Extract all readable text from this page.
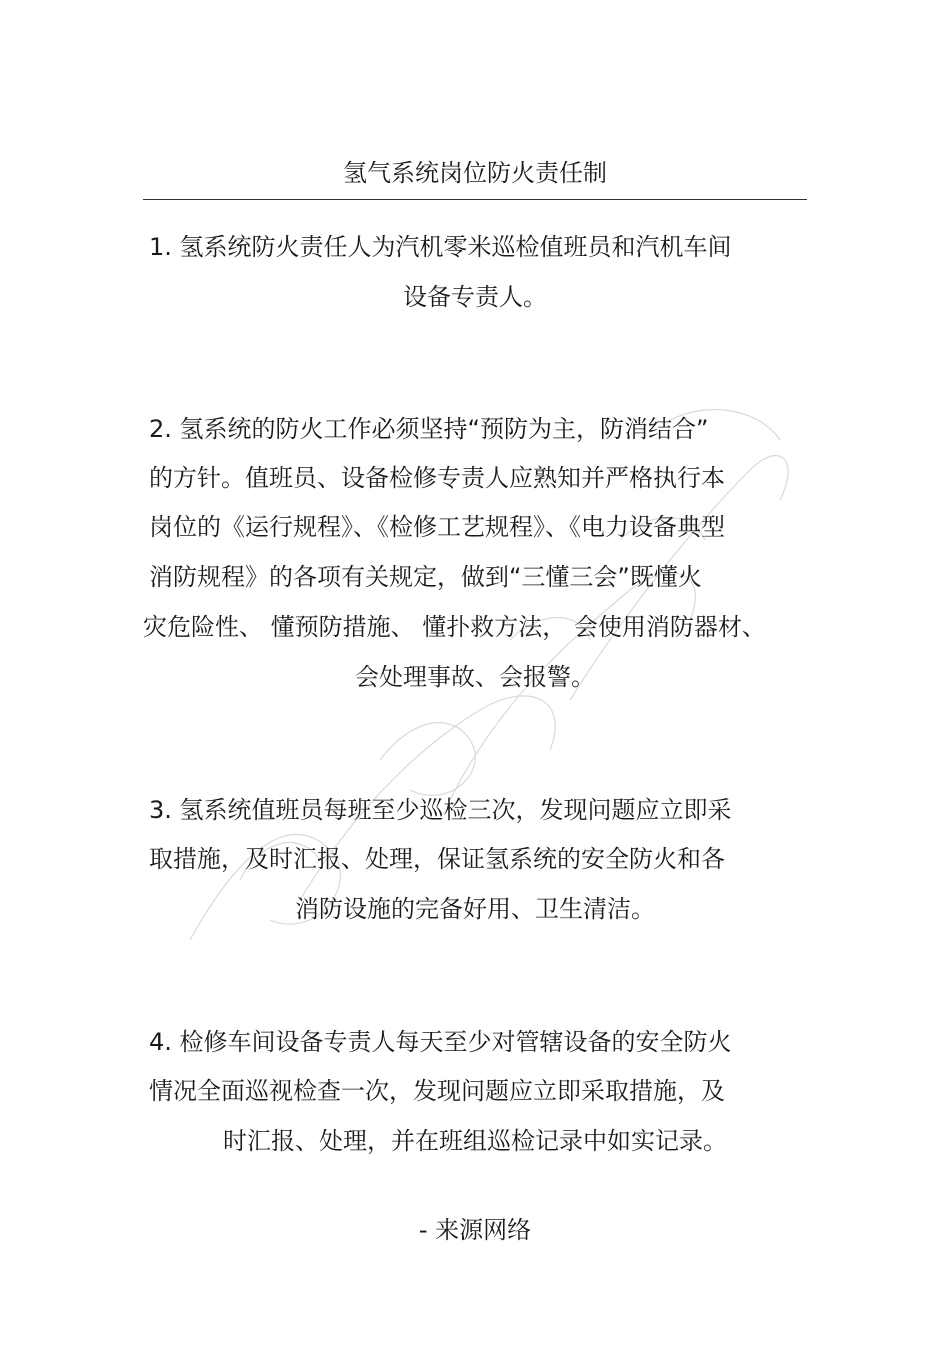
氢气系统岗位防火责任制
1. 氢系统防火责任人为汽机零米巡检值班员和汽机车间
设备专责人。
2. 氢系统的防火工作必须坚持“预防为主，防消结合”
的方针。值班员、设备检修专责人应熟知并严格执行本
岗位的《运行规程》、《检修工艺规程》、《电力设备典型
消防规程》的各项有关规定，做到“三懂三会”既懂火
灾危险性、 懂预防措施、 懂扑救方法， 会使用消防器材、
会处理事故、会报警。
3. 氢系统值班员每班至少巡检三次，发现问题应立即采
取措施，及时汇报、处理，保证氢系统的安全防火和各
消防设施的完备好用、卫生清洁。
4. 检修车间设备专责人每天至少对管辖设备的安全防火
情况全面巡视检查一次，发现问题应立即采取措施，及
时汇报、处理，并在班组巡检记录中如实记录。
- 来源网络
